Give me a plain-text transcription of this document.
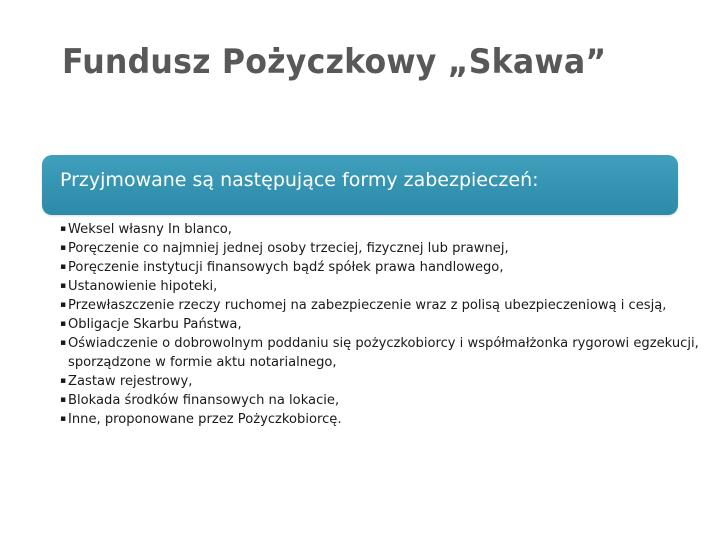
Fundusz Pożyczkowy „Skawa”
Przyjmowane są następujące formy zabezpieczeń:
▪ Weksel własny In blanco,
▪ Poręczenie co najmniej jednej osoby trzeciej, fizycznej lub prawnej,
▪ Poręczenie instytucji finansowych bądź spółek prawa handlowego,
▪ Ustanowienie hipoteki,
▪ Przewłaszczenie rzeczy ruchomej na zabezpieczenie wraz z polisą ubezpieczeniową i cesją,
▪ Obligacje Skarbu Państwa,
▪ Oświadczenie o dobrowolnym poddaniu się pożyczkobiorcy i współmałżonka rygorowi egzekucji, sporządzone w formie aktu notarialnego,
▪ Zastaw rejestrowy,
▪ Blokada środków finansowych na lokacie,
▪ Inne, proponowane przez Pożyczkobiorcę.
